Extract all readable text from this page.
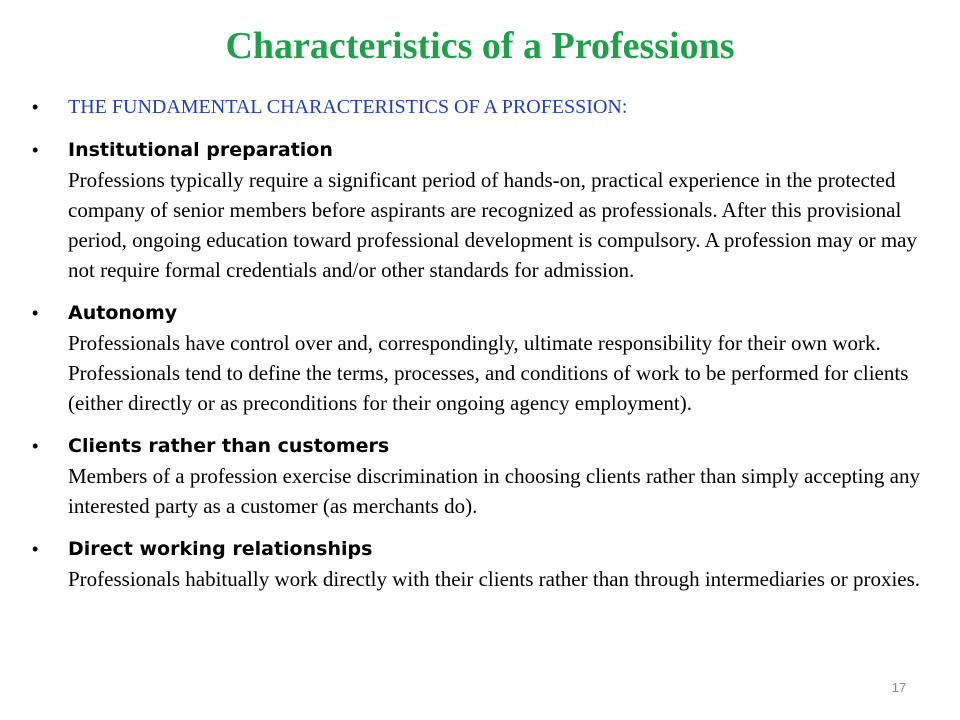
Characteristics of a Professions
• THE FUNDAMENTAL CHARACTERISTICS OF A PROFESSION:
• Institutional preparation
Professions typically require a significant period of hands-on, practical experience in the protected company of senior members before aspirants are recognized as professionals. After this provisional period, ongoing education toward professional development is compulsory. A profession may or may not require formal credentials and/or other standards for admission.
• Autonomy
Professionals have control over and, correspondingly, ultimate responsibility for their own work. Professionals tend to define the terms, processes, and conditions of work to be performed for clients (either directly or as preconditions for their ongoing agency employment).
• Clients rather than customers
Members of a profession exercise discrimination in choosing clients rather than simply accepting any interested party as a customer (as merchants do).
• Direct working relationships
Professionals habitually work directly with their clients rather than through intermediaries or proxies.
17
